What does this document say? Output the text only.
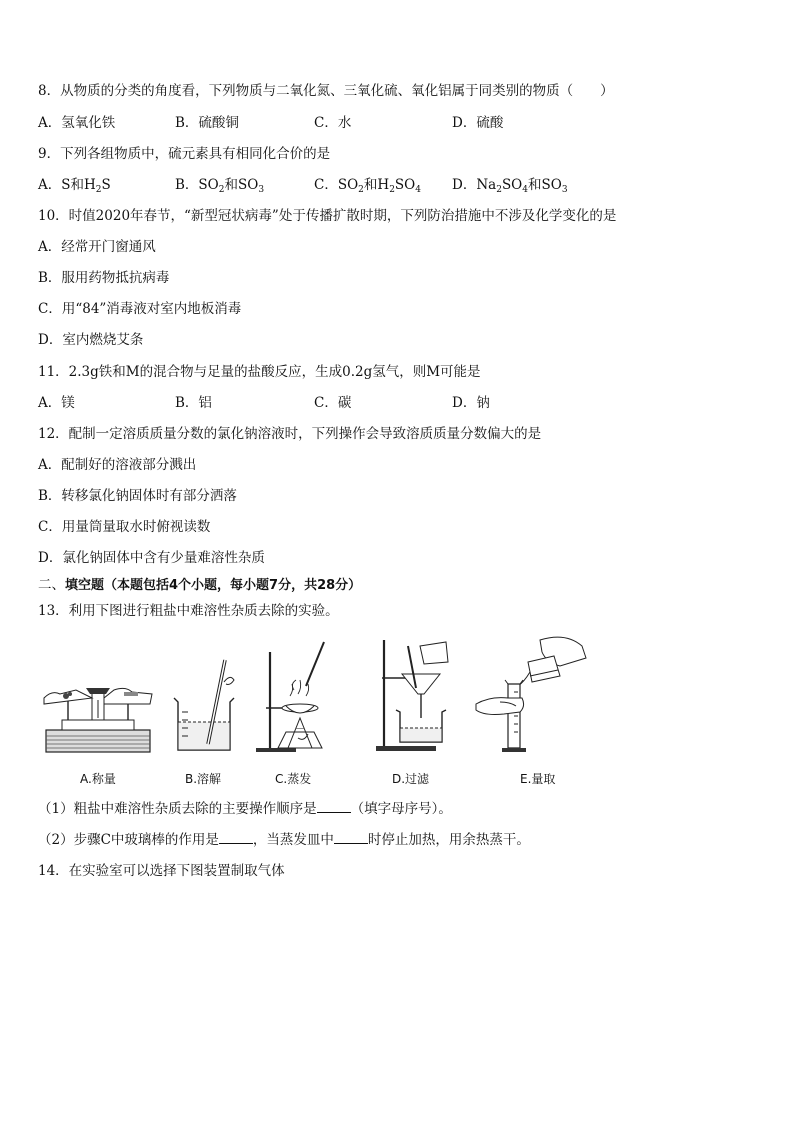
8．从物质的分类的角度看，下列物质与二氧化氮、三氧化硫、氧化铝属于同类别的物质（　　）
A．氢氧化铁	B．硫酸铜	C．水	D．硫酸
9．下列各组物质中，硫元素具有相同化合价的是
A．S和$H_2S$	B．$SO_2$和$SO_3$	C．$SO_2$和$H_2SO_4$ D．$Na_2SO_4$和$SO_3$
10．时值2020年春节，“新型冠状病毒”处于传播扩散时期，下列防治措施中不涉及化学变化的是
A．经常开门窗通风
B．服用药物抵抗病毒
C．用“84”消毒液对室内地板消毒
D．室内燃烧艾条
11．2.3g铁和M的混合物与足量的盐酸反应，生成0.2g氢气，则M可能是
A．镁	B．铝	C．碳	D．钠
12．配制一定溶质质量分数的氯化钠溶液时，下列操作会导致溶质质量分数偏大的是
A．配制好的溶液部分溅出
B．转移氯化钠固体时有部分洒落
C．用量筒量取水时俯视读数
D．氯化钠固体中含有少量难溶性杂质
二、填空题（本题包括4个小题，每小题7分，共28分）
13．利用下图进行粗盐中难溶性杂质去除的实验。
A.称量	B.溶解	C.蒸发	D.过滤	E.量取
（1）粗盐中难溶性杂质去除的主要操作顺序是	（填字母序号）。
（2）步骤C中玻璃棒的作用是	，当蒸发皿中	时停止加热，用余热蒸干。
14．在实验室可以选择下图装置制取气体
